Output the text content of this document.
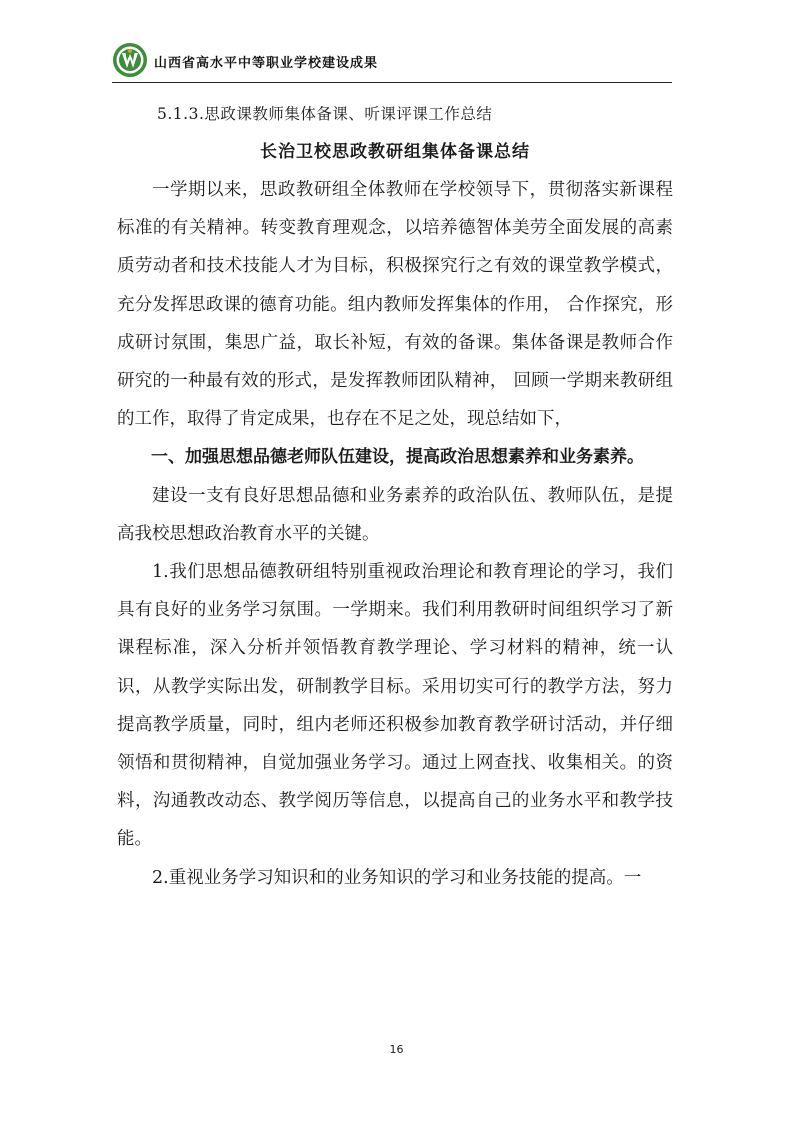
山西省高水平中等职业学校建设成果
5.1.3.思政课教师集体备课、听课评课工作总结
长治卫校思政教研组集体备课总结

一学期以来，思政教研组全体教师在学校领导下，贯彻落实新课程标准的有关精神。转变教育理观念，以培养德智体美劳全面发展的高素质劳动者和技术技能人才为目标，积极探究行之有效的课堂教学模式，充分发挥思政课的德育功能。组内教师发挥集体的作用， 合作探究，形成研讨氛围，集思广益，取长补短，有效的备课。集体备课是教师合作研究的一种最有效的形式，是发挥教师团队精神， 回顾一学期来教研组的工作，取得了肯定成果，也存在不足之处，现总结如下，

一、加强思想品德老师队伍建设，提高政治思想素养和业务素养。

建设一支有良好思想品德和业务素养的政治队伍、教师队伍，是提高我校思想政治教育水平的关键。

1.我们思想品德教研组特别重视政治理论和教育理论的学习，我们具有良好的业务学习氛围。一学期来。我们利用教研时间组织学习了新课程标准，深入分析并领悟教育教学理论、学习材料的精神，统一认识，从教学实际出发，研制教学目标。采用切实可行的教学方法，努力提高教学质量，同时，组内老师还积极参加教育教学研讨活动，并仔细领悟和贯彻精神，自觉加强业务学习。通过上网查找、收集相关。的资料，沟通教改动态、教学阅历等信息，以提高自己的业务水平和教学技能。

2.重视业务学习知识和的业务知识的学习和业务技能的提高。一

16
